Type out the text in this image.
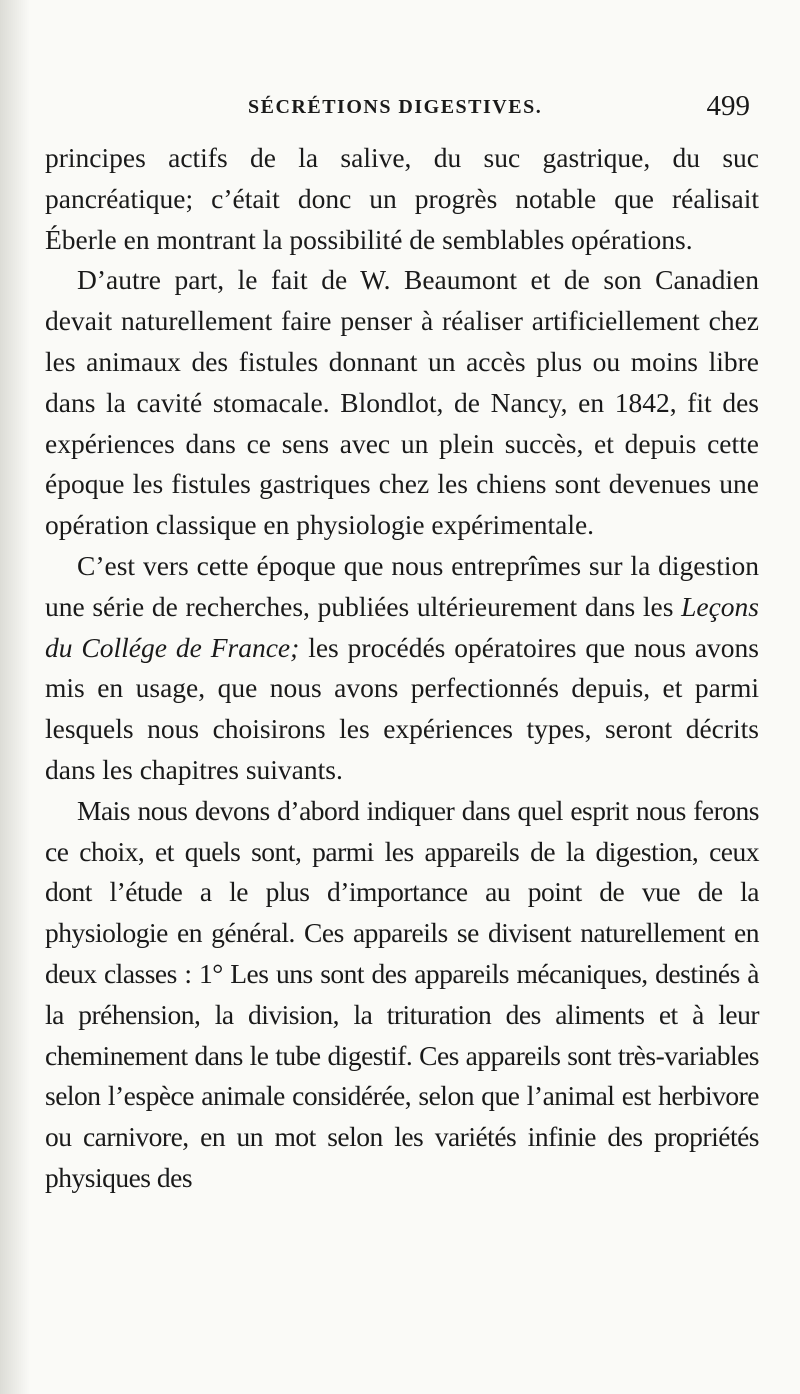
SÉCRÉTIONS DIGESTIVES.	499

principes actifs de la salive, du suc gastrique, du suc pancréatique; c’était donc un progrès notable que réalisait Éberle en montrant la possibilité de semblables opérations.

D’autre part, le fait de W. Beaumont et de son Canadien devait naturellement faire penser à réaliser artificiellement chez les animaux des fistules donnant un accès plus ou moins libre dans la cavité stomacale. Blondlot, de Nancy, en 1842, fit des expériences dans ce sens avec un plein succès, et depuis cette époque les fistules gastriques chez les chiens sont devenues une opération classique en physiologie expérimentale.

C’est vers cette époque que nous entreprîmes sur la digestion une série de recherches, publiées ultérieurement dans les Leçons du Collége de France; les procédés opératoires que nous avons mis en usage, que nous avons perfectionnés depuis, et parmi lesquels nous choisirons les expériences types, seront décrits dans les chapitres suivants.

Mais nous devons d’abord indiquer dans quel esprit nous ferons ce choix, et quels sont, parmi les appareils de la digestion, ceux dont l’étude a le plus d’importance au point de vue de la physiologie en général. Ces appareils se divisent naturellement en deux classes : 1° Les uns sont des appareils mécaniques, destinés à la préhension, la division, la trituration des aliments et à leur cheminement dans le tube digestif. Ces appareils sont très-variables selon l’espèce animale considérée, selon que l’animal est herbivore ou carnivore, en un mot selon les variétés infinie des propriétés physiques des
